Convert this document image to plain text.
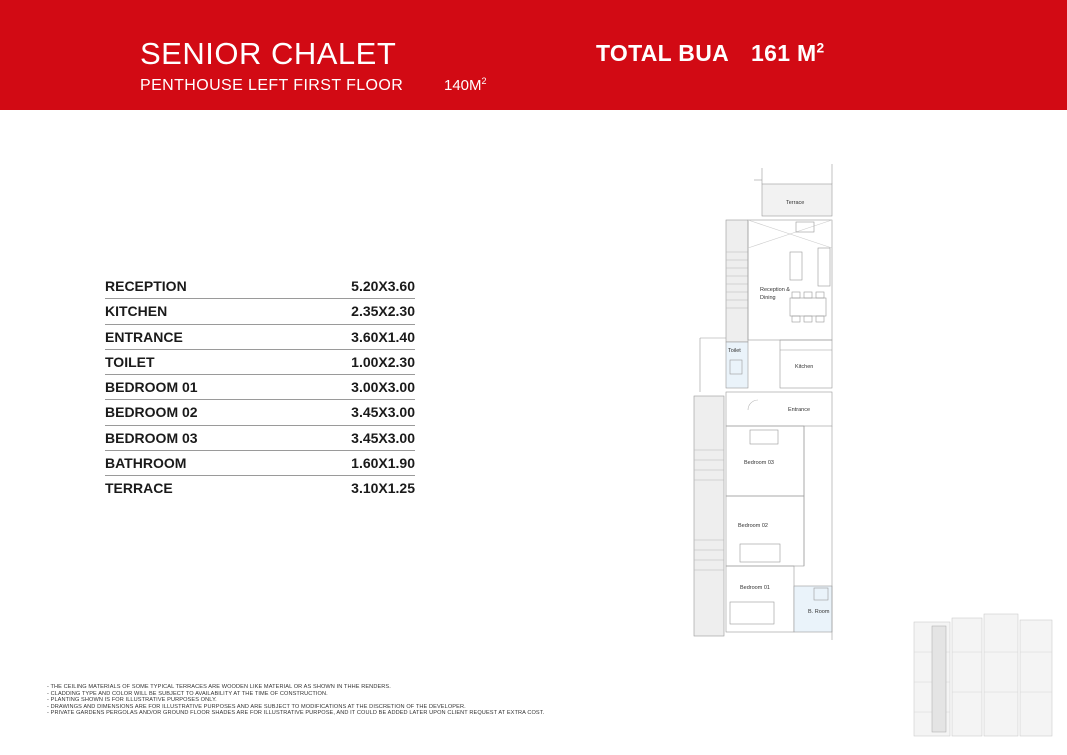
SENIOR CHALET
PENTHOUSE LEFT FIRST FLOOR	$140M^2$
TOTAL BUA 161 $M^2$
RECEPTION	5.20X3.60
KITCHEN	2.35X2.30
ENTRANCE	3.60X1.40
TOILET	1.00X2.30
BEDROOM 01	3.00X3.00
BEDROOM 02	3.45X3.00
BEDROOM 03	3.45X3.00
BATHROOM	1.60X1.90
TERRACE	3.10X1.25
Terrace
Reception &
Dining
Toilet
Kitchen
Entrance
Bedroom 03
Bedroom 02
Bedroom 01
B. Room
- THE CEILING MATERIALS OF SOME TYPICAL TERRACES ARE WOODEN LIKE MATERIAL OR AS SHOWN IN THHE RENDERS.
- CLADDING TYPE AND COLOR WILL BE SUBJECT TO AVAILABILITY AT THE TIME OF CONSTRUCTION.
- PLANTING SHOWN IS FOR ILLUSTRATIVE PURPOSES ONLY.
- DRAWINGS AND DIMENSIONS ARE FOR ILLUSTRATIVE PURPOSES AND ARE SUBJECT TO MODIFICATIONS AT THE DISCRETION OF THE DEVELOPER.
- PRIVATE GARDENS PERGOLAS AND/OR GROUND FLOOR SHADES ARE FOR ILLUSTRATIVE PURPOSE, AND IT COULD BE ADDED LATER UPON CLIENT REQUEST AT EXTRA COST.
